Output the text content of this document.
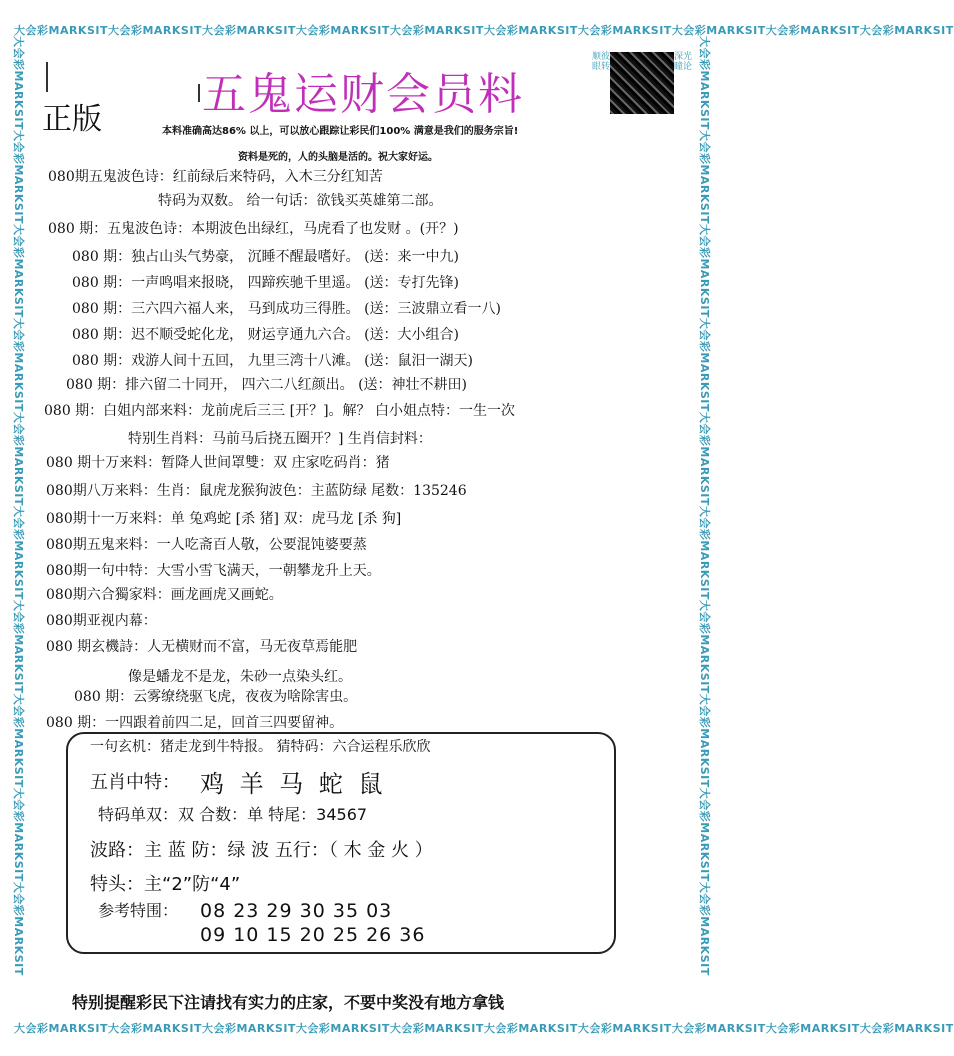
大会彩MARKSIT大会彩MARKSIT大会彩MARKSIT大会彩MARKSIT大会彩MARKSIT大会彩MARKSIT大会彩MARKSIT大会彩MARKSIT大会彩MARKSIT大会彩MARKSIT
大会彩MARKSIT大会彩MARKSIT大会彩MARKSIT大会彩MARKSIT大会彩MARKSIT大会彩MARKSIT大会彩MARKSIT大会彩MARKSIT大会彩MARKSIT大会彩MARKSIT
大会彩MARKSIT大会彩MARKSIT大会彩MARKSIT大会彩MARKSIT大会彩MARKSIT大会彩MARKSIT大会彩MARKSIT大会彩MARKSIT大会彩MARKSIT大会彩MARKSIT	大会彩MARKSIT大会彩MARKSIT大会彩MARKSIT大会彩MARKSIT大会彩MARKSIT大会彩MARKSIT大会彩MARKSIT大会彩MARKSIT大会彩MARKSIT大会彩MARKSIT
正版 五鬼运财会员料
顺彼眼转
深光瞳论
本料准确高达86% 以上，可以放心跟踪让彩民们100% 满意是我们的服务宗旨!
资料是死的，人的头脑是活的。祝大家好运。
080期五鬼波色诗：红前绿后来特码，入木三分红知苦
特码为双数。 给一句话：欲钱买英雄第二部。
080 期：五鬼波色诗：本期波色出绿红，马虎看了也发财 。(开？)
080 期：独占山头气势豪， 沉睡不醒最嗜好。 (送：来一中九)
080 期：一声鸣唱来报晓， 四蹄疾驰千里遥。 (送：专打先锋)
080 期：三六四六福人来， 马到成功三得胜。 (送：三波鼎立看一八)
080 期：迟不顺受蛇化龙， 财运亨通九六合。 (送：大小组合)
080 期：戏游人间十五回， 九里三湾十八滩。 (送：鼠汨一湖天)
080 期：排六留二十同开， 四六二八红颜出。 (送：神壮不耕田)
080 期：白姐内部来料：龙前虎后三三 [开？]。解？ 白小姐点特：一生一次
特别生肖料：马前马后挠五圈开？] 生肖信封料：
080 期十万来料：暂降人世间罩雙：双 庄家吃码肖：猪
080期八万来料：生肖：鼠虎龙猴狗波色：主蓝防绿 尾数：135246
080期十一万来料：单 兔鸡蛇 [杀 猪] 双：虎马龙 [杀 狗]
080期五鬼来料：一人吃斋百人敬，公要混饨婆要蒸
080期一句中特：大雪小雪飞满天，一朝攀龙升上天。
080期六合獨家料：画龙画虎又画蛇。
080期亚视内幕：
080 期玄機詩：人无横财而不富，马无夜草焉能肥
像是蟠龙不是龙，朱砂一点染头红。
080 期：云雾缭绕驱飞虎，夜夜为啥除害虫。
080 期：一四跟着前四二足，回首三四要留神。
一句玄机：猪走龙到牛特报。 猜特码：六合运程乐欣欣
五肖中特： 鸡 羊 马 蛇 鼠
特码单双：双 合数：单 特尾：34567
波路：主 蓝 防：绿 波 五行：（ 木 金 火 ）
特头：主“2”防“4”
参考特围： 08 23 29 30 35 03
09 10 15 20 25 26 36
特别提醒彩民下注请找有实力的庄家，不要中奖没有地方拿钱
